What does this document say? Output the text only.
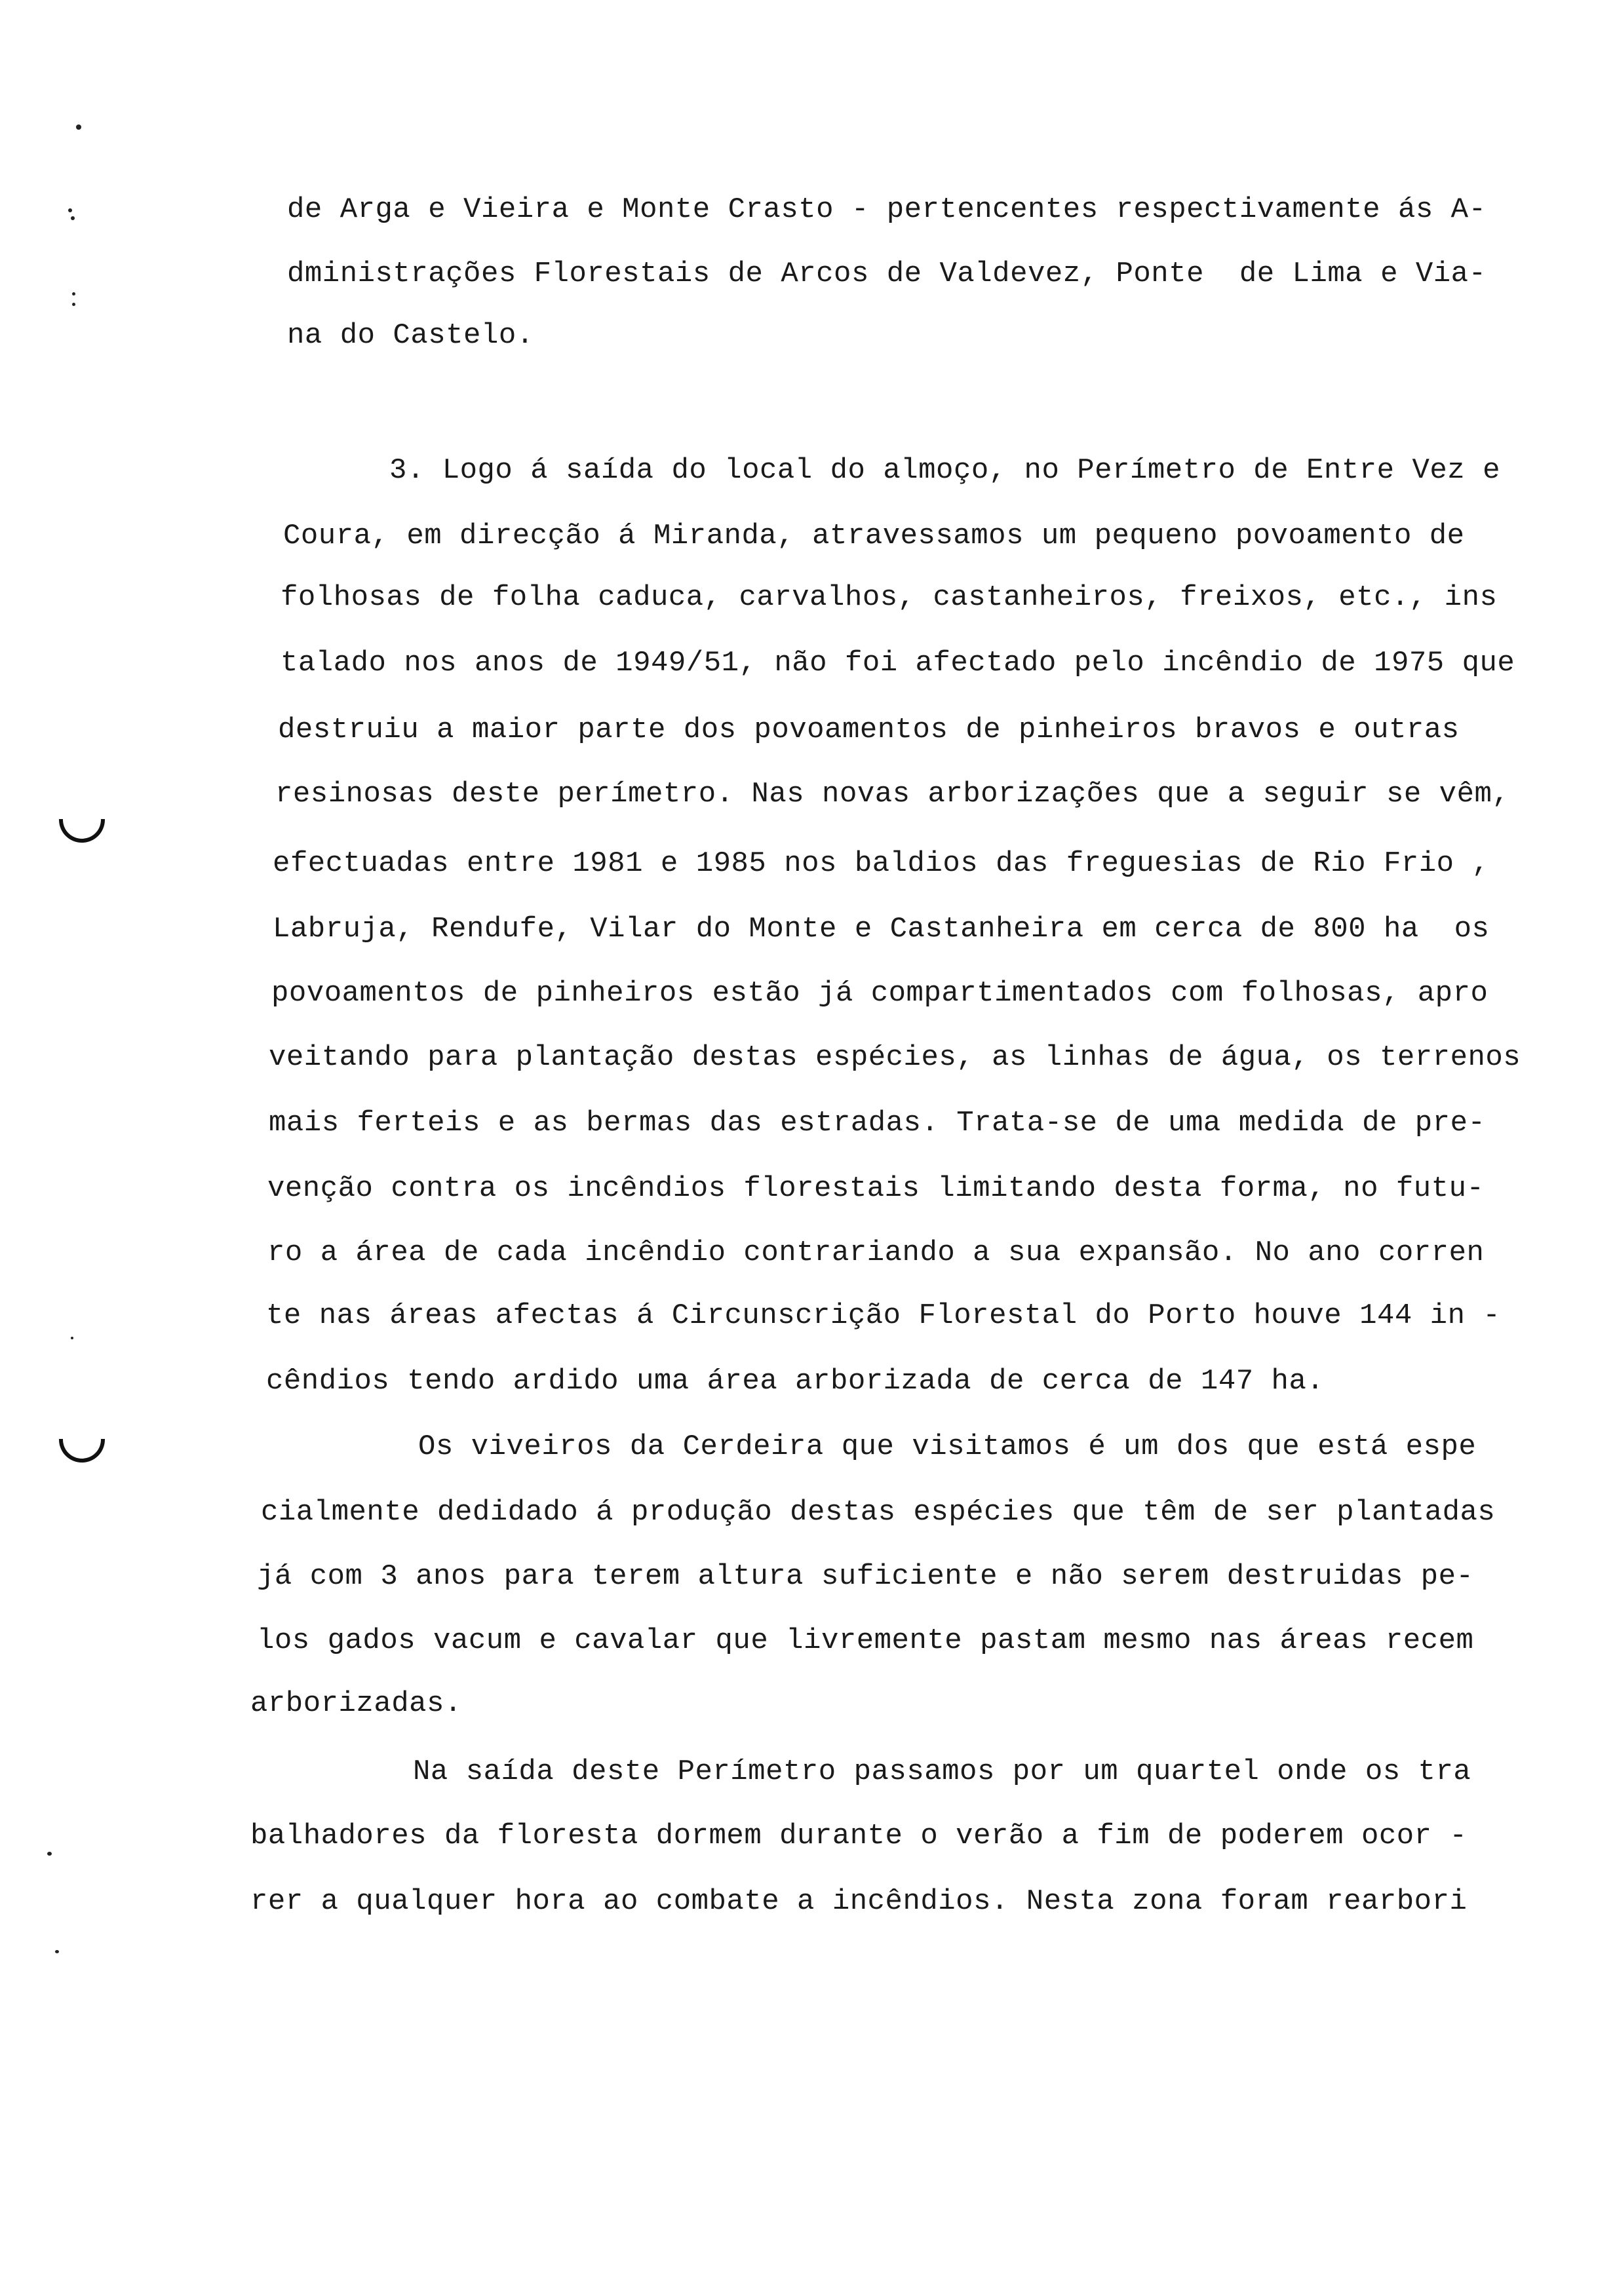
de Arga e Vieira e Monte Crasto - pertencentes respectivamente ás A-
dministrações Florestais de Arcos de Valdevez, Ponte  de Lima e Via-
na do Castelo.
3. Logo á saída do local do almoço, no Perímetro de Entre Vez e
Coura, em direcção á Miranda, atravessamos um pequeno povoamento de
folhosas de folha caduca, carvalhos, castanheiros, freixos, etc., ins
talado nos anos de 1949/51, não foi afectado pelo incêndio de 1975 que
destruiu a maior parte dos povoamentos de pinheiros bravos e outras
resinosas deste perímetro. Nas novas arborizações que a seguir se vêm,
efectuadas entre 1981 e 1985 nos baldios das freguesias de Rio Frio ,
Labruja, Rendufe, Vilar do Monte e Castanheira em cerca de 800 ha  os
povoamentos de pinheiros estão já compartimentados com folhosas, apro
veitando para plantação destas espécies, as linhas de água, os terrenos
mais ferteis e as bermas das estradas. Trata-se de uma medida de pre-
venção contra os incêndios florestais limitando desta forma, no futu-
ro a área de cada incêndio contrariando a sua expansão. No ano corren
te nas áreas afectas á Circunscrição Florestal do Porto houve 144 in -
cêndios tendo ardido uma área arborizada de cerca de 147 ha.
Os viveiros da Cerdeira que visitamos é um dos que está espe
cialmente dedidado á produção destas espécies que têm de ser plantadas
já com 3 anos para terem altura suficiente e não serem destruidas pe-
los gados vacum e cavalar que livremente pastam mesmo nas áreas recem
arborizadas.
Na saída deste Perímetro passamos por um quartel onde os tra
balhadores da floresta dormem durante o verão a fim de poderem ocor -
rer a qualquer hora ao combate a incêndios. Nesta zona foram rearbori
